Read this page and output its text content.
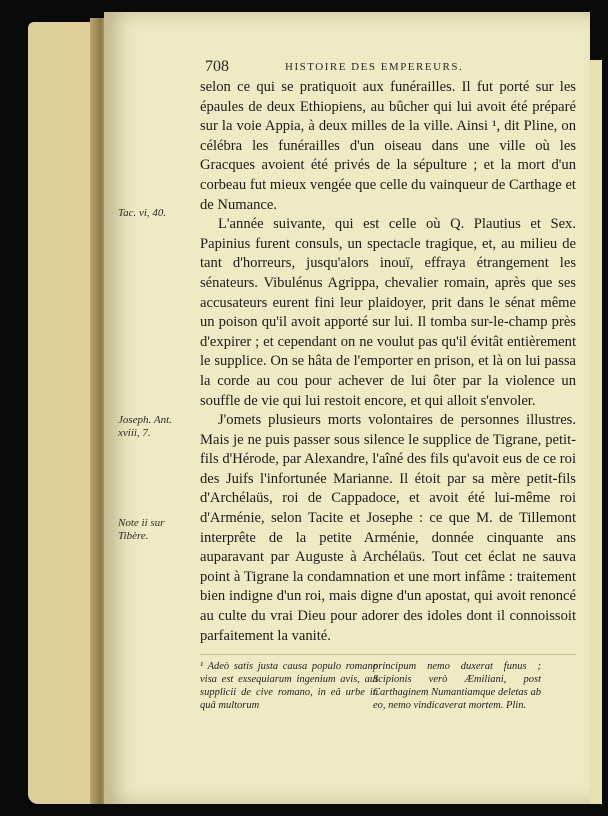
708	HISTOIRE DES EMPEREURS.
Tac. vi, 40.
Joseph. Ant.
xviii, 7.
Note ii sur
Tibère.

selon ce qui se pratiquoit aux funérailles. Il fut porté sur les épaules de deux Ethiopiens, au bûcher qui lui avoit été préparé sur la voie Appia, à deux milles de la ville. Ainsi ¹, dit Pline, on célébra les funérailles d'un oiseau dans une ville où les Gracques avoient été privés de la sépulture ; et la mort d'un corbeau fut mieux vengée que celle du vainqueur de Carthage et de Numance.

L'année suivante, qui est celle où Q. Plautius et Sex. Papinius furent consuls, un spectacle tragique, et, au milieu de tant d'horreurs, jusqu'alors inouï, effraya étrangement les sénateurs. Vibulénus Agrippa, chevalier romain, après que ses accusateurs eurent fini leur plaidoyer, prit dans le sénat même un poison qu'il avoit apporté sur lui. Il tomba sur-le-champ près d'expirer ; et cependant on ne voulut pas qu'il évitât entièrement le supplice. On se hâta de l'emporter en prison, et là on lui passa la corde au cou pour achever de lui ôter par la violence un souffle de vie qui lui restoit encore, et qui alloit s'envoler.

J'omets plusieurs morts volontaires de personnes illustres. Mais je ne puis passer sous silence le supplice de Tigrane, petit-fils d'Hérode, par Alexandre, l'aîné des fils qu'avoit eus de ce roi des Juifs l'infortunée Marianne. Il étoit par sa mère petit-fils d'Archélaüs, roi de Cappadoce, et avoit été lui-même roi d'Arménie, selon Tacite et Josephe : ce que M. de Tillemont interprête de la petite Arménie, donnée cinquante ans auparavant par Auguste à Archélaüs. Tout cet éclat ne sauva point à Tigrane la condamnation et une mort infâme : traitement bien indigne d'un roi, mais digne d'un apostat, qui avoit renoncé au culte du vrai Dieu pour adorer des idoles dont il connoissoit parfaitement la vanité.

¹ Adeò satis justa causa populo romano visa est exsequiarum ingenium avis, aut supplicii de cive romano, in eâ urbe in quâ multorum
principum nemo duxerat funus ; Scipionis verò Æmiliani, post Carthaginem Numantiamque deletas ab eo, nemo vindicaverat mortem. Plin.
